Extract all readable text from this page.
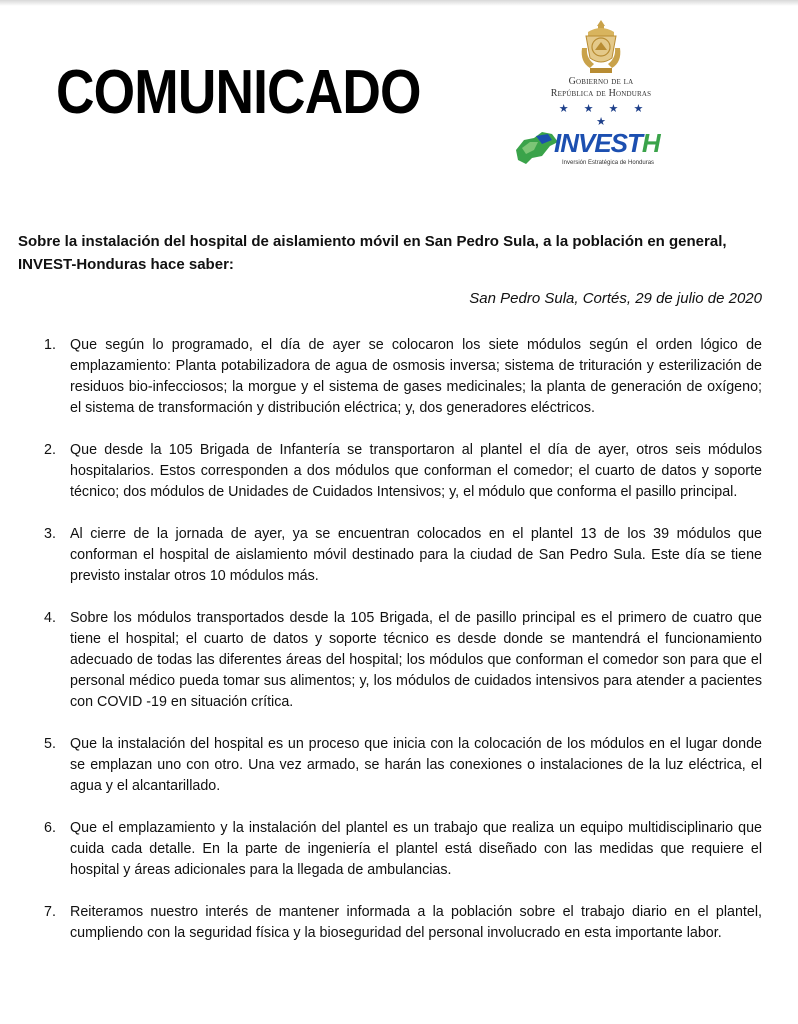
COMUNICADO	Gobierno de la
República de Honduras
★ ★ ★ ★ ★
INVESTH
Inversión Estratégica de Honduras
Sobre la instalación del hospital de aislamiento móvil en San Pedro Sula, a la población en general, INVEST-Honduras hace saber:
San Pedro Sula, Cortés, 29 de julio de 2020
1. Que según lo programado, el día de ayer se colocaron los siete módulos según el orden lógico de emplazamiento: Planta potabilizadora de agua de osmosis inversa; sistema de trituración y esterilización de residuos bio-infecciosos; la morgue y el sistema de gases medicinales; la planta de generación de oxígeno; el sistema de transformación y distribución eléctrica; y, dos generadores eléctricos.
2. Que desde la 105 Brigada de Infantería se transportaron al plantel el día de ayer, otros seis módulos hospitalarios. Estos corresponden a dos módulos que conforman el comedor; el cuarto de datos y soporte técnico; dos módulos de Unidades de Cuidados Intensivos; y, el módulo que conforma el pasillo principal.
3. Al cierre de la jornada de ayer, ya se encuentran colocados en el plantel 13 de los 39 módulos que conforman el hospital de aislamiento móvil destinado para la ciudad de San Pedro Sula. Este día se tiene previsto instalar otros 10 módulos más.
4. Sobre los módulos transportados desde la 105 Brigada, el de pasillo principal es el primero de cuatro que tiene el hospital; el cuarto de datos y soporte técnico es desde donde se mantendrá el funcionamiento adecuado de todas las diferentes áreas del hospital; los módulos que conforman el comedor son para que el personal médico pueda tomar sus alimentos; y, los módulos de cuidados intensivos para atender a pacientes con COVID -19 en situación crítica.
5. Que la instalación del hospital es un proceso que inicia con la colocación de los módulos en el lugar donde se emplazan uno con otro. Una vez armado, se harán las conexiones o instalaciones de la luz eléctrica, el agua y el alcantarillado.
6. Que el emplazamiento y la instalación del plantel es un trabajo que realiza un equipo multidisciplinario que cuida cada detalle. En la parte de ingeniería el plantel está diseñado con las medidas que requiere el hospital y áreas adicionales para la llegada de ambulancias.
7. Reiteramos nuestro interés de mantener informada a la población sobre el trabajo diario en el plantel, cumpliendo con la seguridad física y la bioseguridad del personal involucrado en esta importante labor.
